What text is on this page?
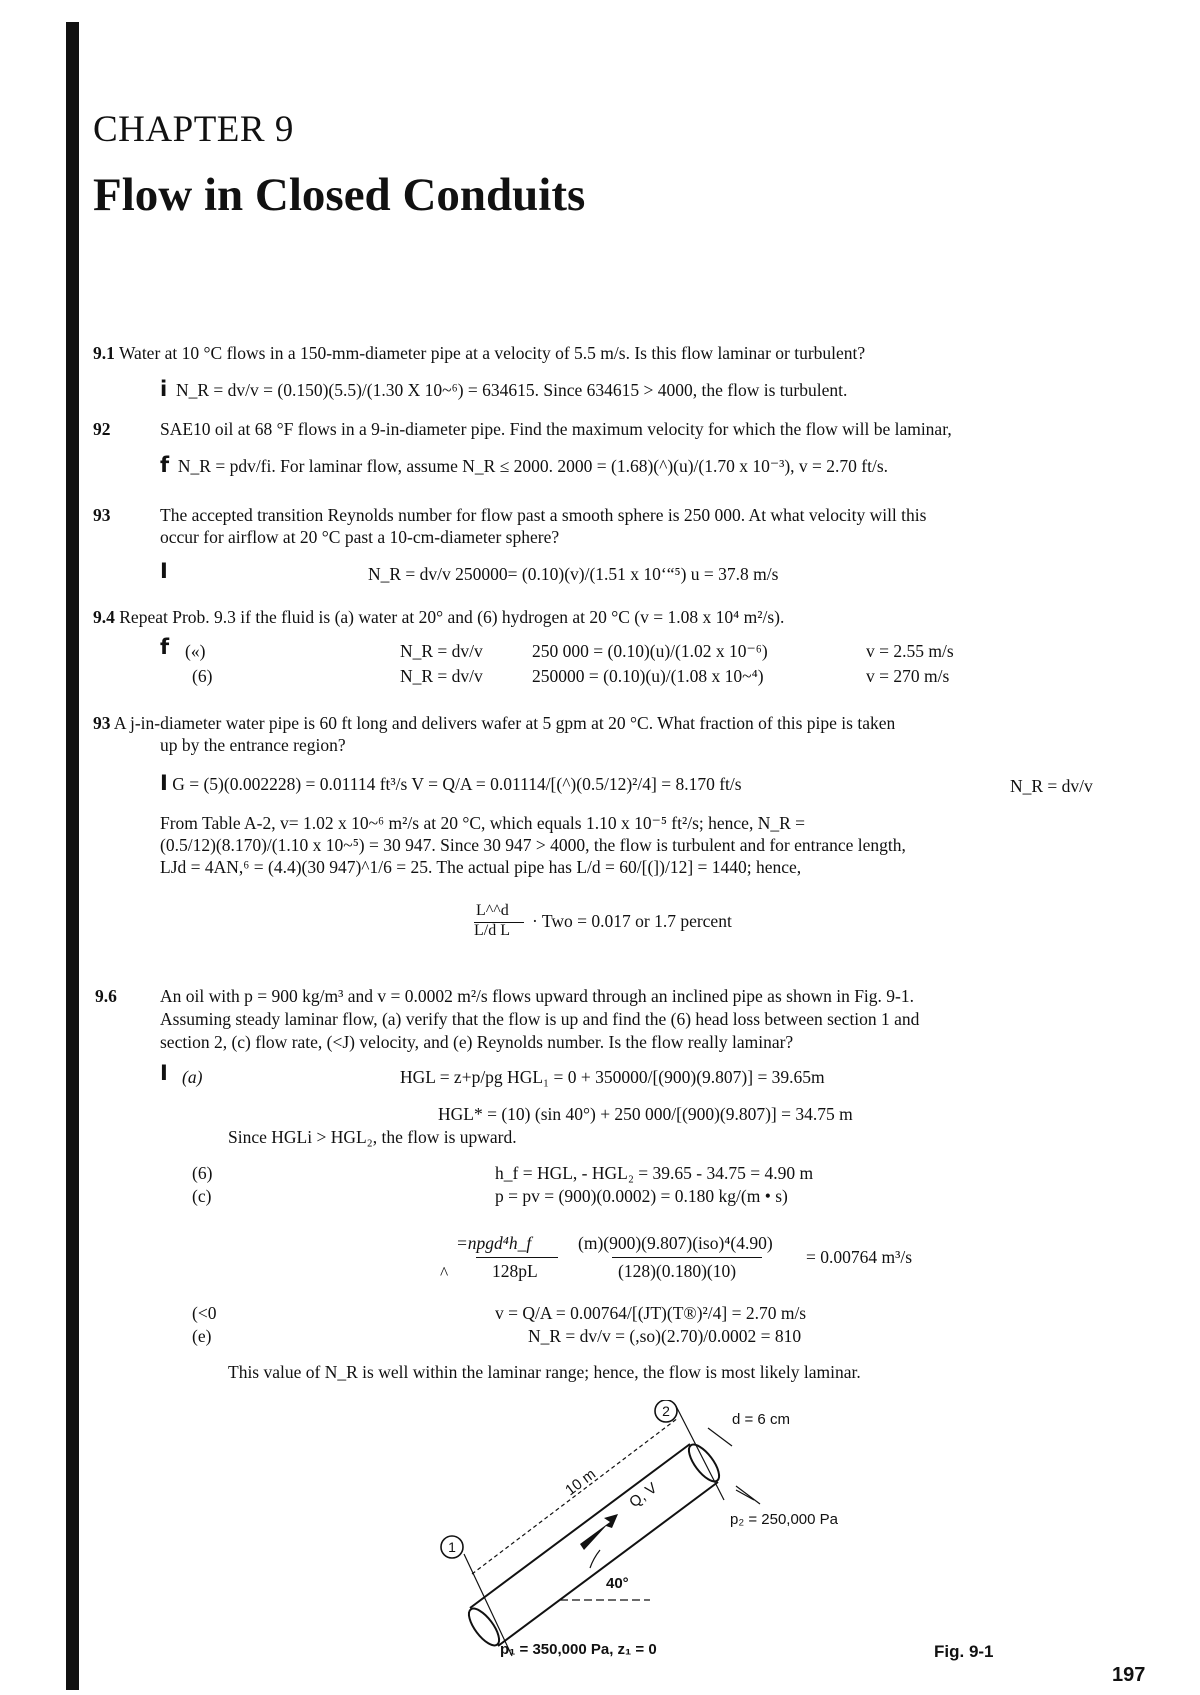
CHAPTER 9
Flow in Closed Conduits
9.1 Water at 10 °C flows in a 150-mm-diameter pipe at a velocity of 5.5 m/s. Is this flow laminar or turbulent?
i N_R = dv/v = (0.150)(5.5)/(1.30 X 10~⁶) = 634615. Since 634615 > 4000, the flow is turbulent.
92	SAE10 oil at 68 °F flows in a 9-in-diameter pipe. Find the maximum velocity for which the flow will be laminar,
f N_R = pdv/fi. For laminar flow, assume N_R ≤ 2000. 2000 = (1.68)(^)(u)/(1.70 x 10⁻³), v = 2.70 ft/s.
93	The accepted transition Reynolds number for flow past a smooth sphere is 250 000. At what velocity will this
occur for airflow at 20 °C past a 10-cm-diameter sphere?
I	N_R = dv/v 250000= (0.10)(v)/(1.51 x 10‘“⁵) u = 37.8 m/s
9.4 Repeat Prob. 9.3 if the fluid is (a) water at 20° and (6) hydrogen at 20 °C (v = 1.08 x 10⁴ m²/s).
f («)	N_R = dv/v	250 000 = (0.10)(u)/(1.02 x 10⁻⁶)	v = 2.55 m/s
(6)	N_R = dv/v	250000 = (0.10)(u)/(1.08 x 10~⁴)	v = 270 m/s
93 A j-in-diameter water pipe is 60 ft long and delivers wafer at 5 gpm at 20 °C. What fraction of this pipe is taken
up by the entrance region?
I G = (5)(0.002228) = 0.01114 ft³/s V = Q/A = 0.01114/[(^)(0.5/12)²/4] = 8.170 ft/s	N_R = dv/v
From Table A-2, v= 1.02 x 10~⁶ m²/s at 20 °C, which equals 1.10 x 10⁻⁵ ft²/s; hence, N_R =
(0.5/12)(8.170)/(1.10 x 10~⁵) = 30 947. Since 30 947 > 4000, the flow is turbulent and for entrance length,
LJd = 4AN,⁶ = (4.4)(30 947)^1/6 = 25. The actual pipe has L/d = 60/[(])/12] = 1440; hence,
L^^d
L/d L · Two = 0.017 or 1.7 percent
9.6 An oil with p = 900 kg/m³ and v = 0.0002 m²/s flows upward through an inclined pipe as shown in Fig. 9-1.
Assuming steady laminar flow, (a) verify that the flow is up and find the (6) head loss between section 1 and
section 2, (c) flow rate, (<J) velocity, and (e) Reynolds number. Is the flow really laminar?
I (a)	HGL = z+p/pg HGL₁ = 0 + 350000/[(900)(9.807)] = 39.65m
HGL* = (10) (sin 40°) + 250 000/[(900)(9.807)] = 34.75 m
Since HGLi > HGL₂, the flow is upward.
(6)	h_f = HGL, - HGL₂ = 39.65 - 34.75 = 4.90 m
(c)	p = pv = (900)(0.0002) = 0.180 kg/(m • s)
=npgd⁴h_f	(m)(900)(9.807)(iso)⁴(4.90)
^	128pL	(128)(0.180)(10)
= 0.00764 m³/s
(<0	v = Q/A = 0.00764/[(JT)(T®)²/4] = 2.70 m/s
(e)	N_R = dv/v = (,so)(2.70)/0.0002 = 810
This value of N_R is well within the laminar range; hence, the flow is most likely laminar.
1
2
10 m Q, V
40°
d = 6 cm
p₂ = 250,000 Pa
p₁ = 350,000 Pa, z₁ = 0	Fig. 9-1
197
